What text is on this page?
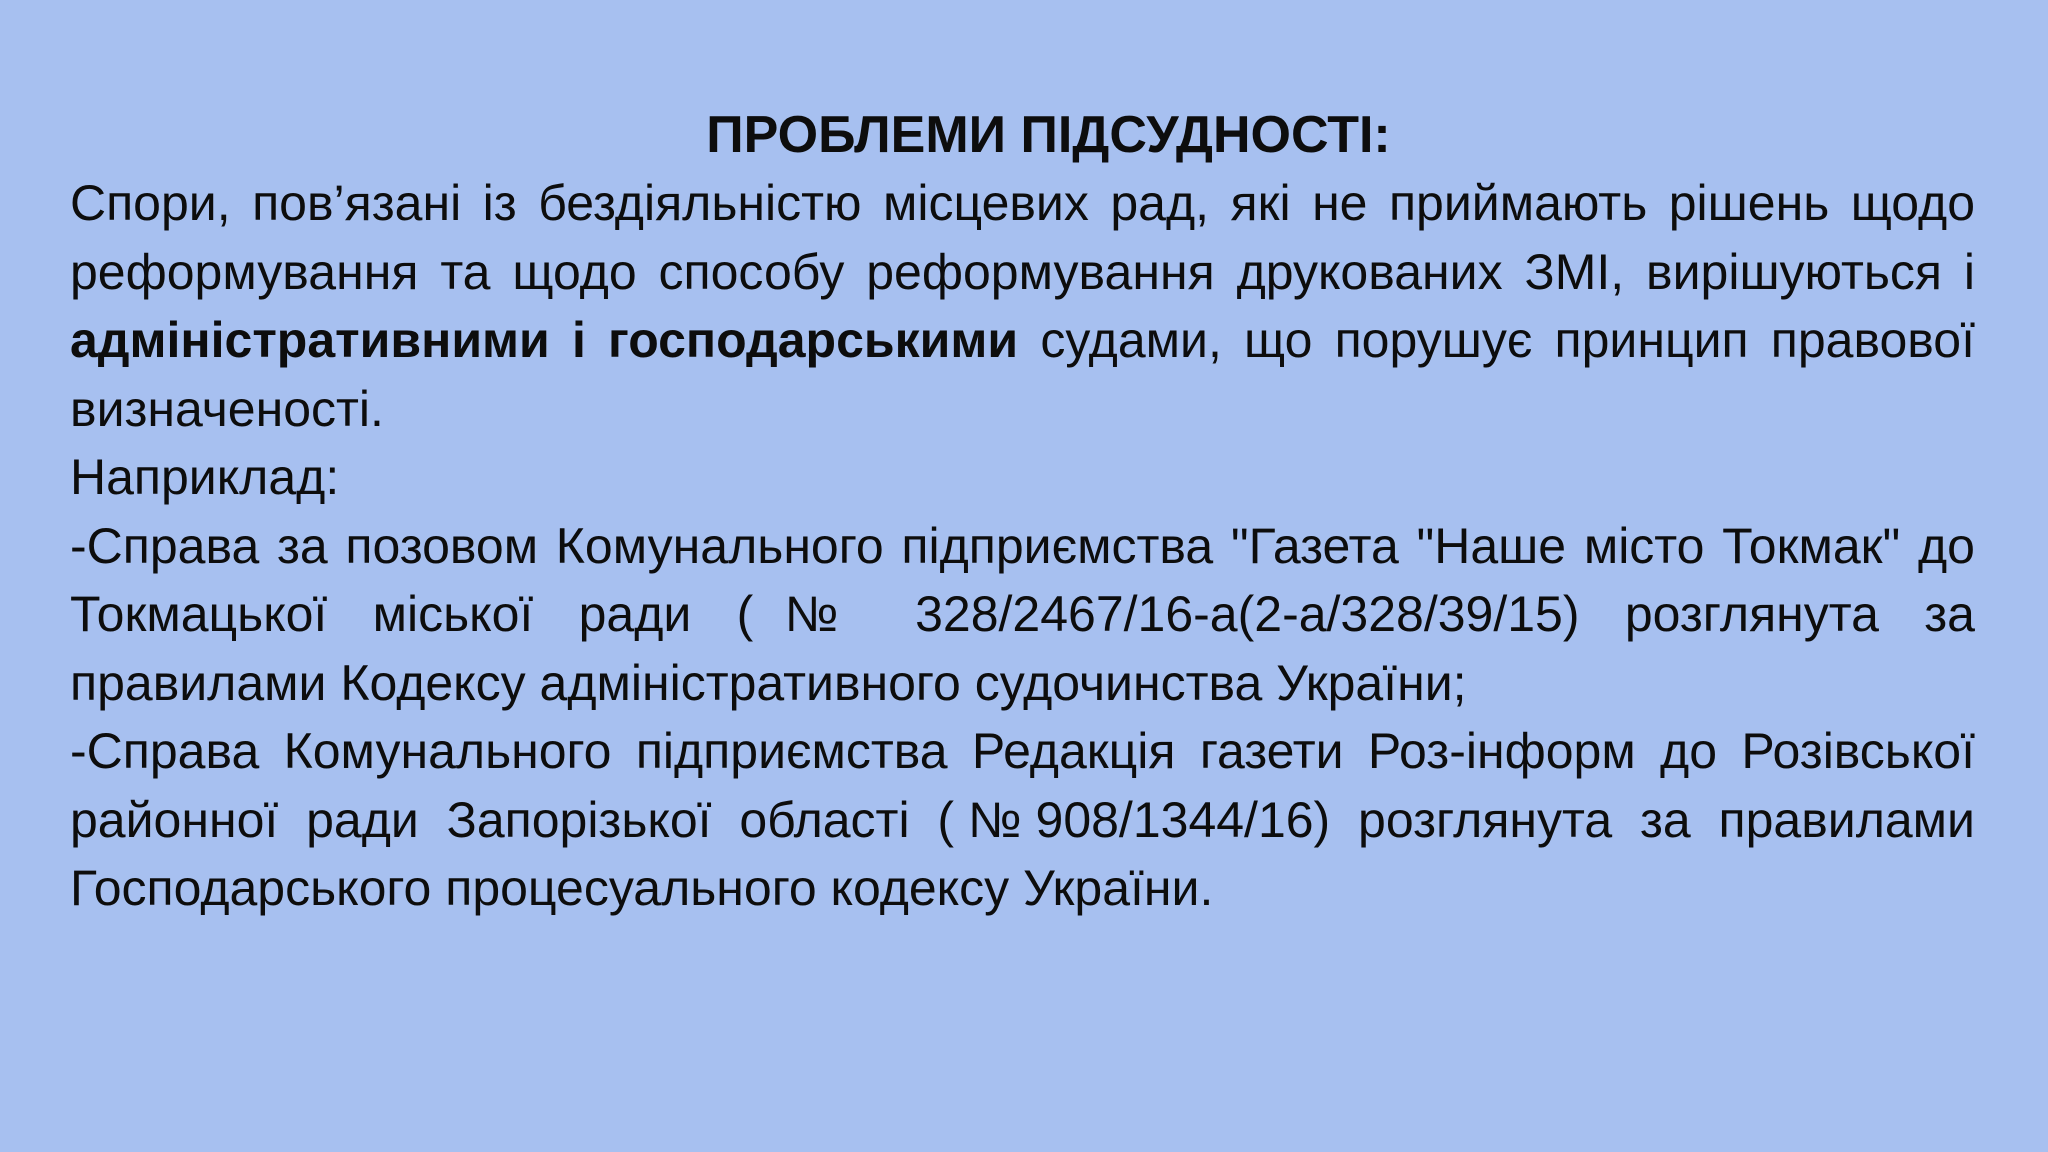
ПРОБЛЕМИ ПІДСУДНОСТІ:

Спори, пов’язані із бездіяльністю місцевих рад, які не приймають рішень щодо реформування та щодо способу реформування друкованих ЗМІ, вирішуються і адміністративними і господарськими судами, що порушує принцип правової визначеності.

Наприклад:

-Справа за позовом Комунального підприємства "Газета "Наше місто Токмак" до Токмацької міської ради (№ 328/2467/16-а(2-а/328/39/15) розглянута за правилами Кодексу адміністративного судочинства України;

-Справа Комунального підприємства Редакція газети Роз-інформ до Розівської районної ради Запорізької області (№908/1344/16) розглянута за правилами Господарського процесуального кодексу України.
